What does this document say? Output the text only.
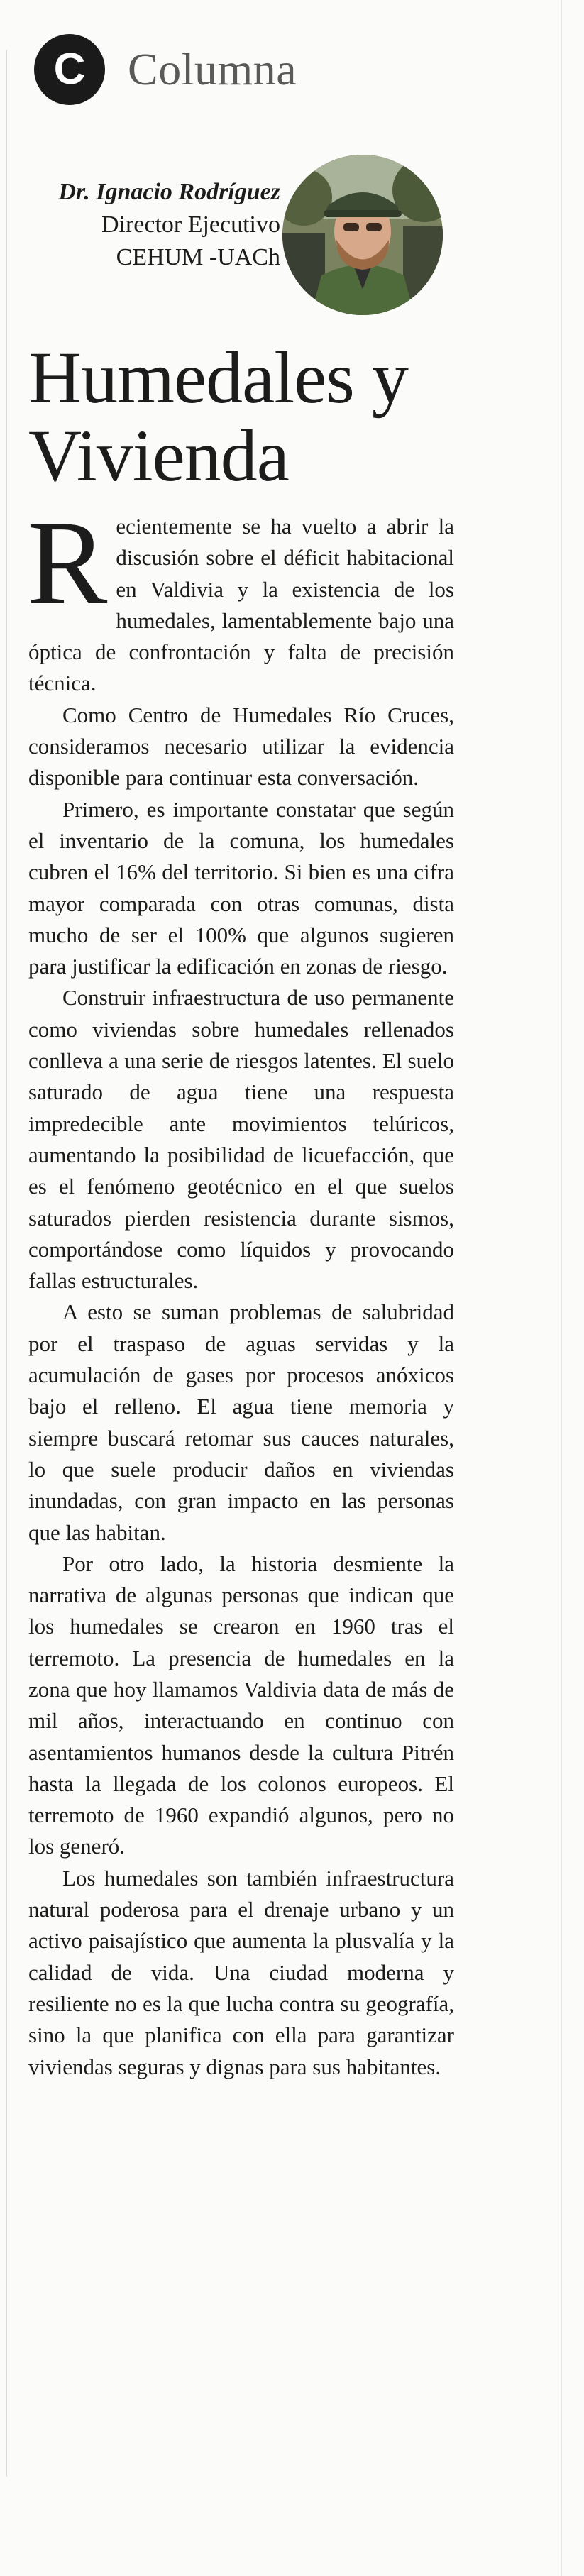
C Columna
Dr. Ignacio Rodríguez
Director Ejecutivo
CEHUM -UACh
Humedales y Vivienda

Recientemente se ha vuelto a abrir la discusión sobre el déficit habitacional en Valdivia y la existencia de los humedales, lamentablemente bajo una óptica de confrontación y falta de precisión técnica.

Como Centro de Humedales Río Cruces, consideramos necesario utilizar la evidencia disponible para continuar esta conversación.

Primero, es importante constatar que según el inventario de la comuna, los humedales cubren el 16% del territorio. Si bien es una cifra mayor comparada con otras comunas, dista mucho de ser el 100% que algunos sugieren para justificar la edificación en zonas de riesgo.

Construir infraestructura de uso permanente como viviendas sobre humedales rellenados conlleva a una serie de riesgos latentes. El suelo saturado de agua tiene una respuesta impredecible ante movimientos telúricos, aumentando la posibilidad de licuefacción, que es el fenómeno geotécnico en el que suelos saturados pierden resistencia durante sismos, comportándose como líquidos y provocando fallas estructurales.

A esto se suman problemas de salubridad por el traspaso de aguas servidas y la acumulación de gases por procesos anóxicos bajo el relleno. El agua tiene memoria y siempre buscará retomar sus cauces naturales, lo que suele producir daños en viviendas inundadas, con gran impacto en las personas que las habitan.

Por otro lado, la historia desmiente la narrativa de algunas personas que indican que los humedales se crearon en 1960 tras el terremoto. La presencia de humedales en la zona que hoy llamamos Valdivia data de más de mil años, interactuando en continuo con asentamientos humanos desde la cultura Pitrén hasta la llegada de los colonos europeos. El terremoto de 1960 expandió algunos, pero no los generó.

Los humedales son también infraestructura natural poderosa para el drenaje urbano y un activo paisajístico que aumenta la plusvalía y la calidad de vida. Una ciudad moderna y resiliente no es la que lucha contra su geografía, sino la que planifica con ella para garantizar viviendas seguras y dignas para sus habitantes.
